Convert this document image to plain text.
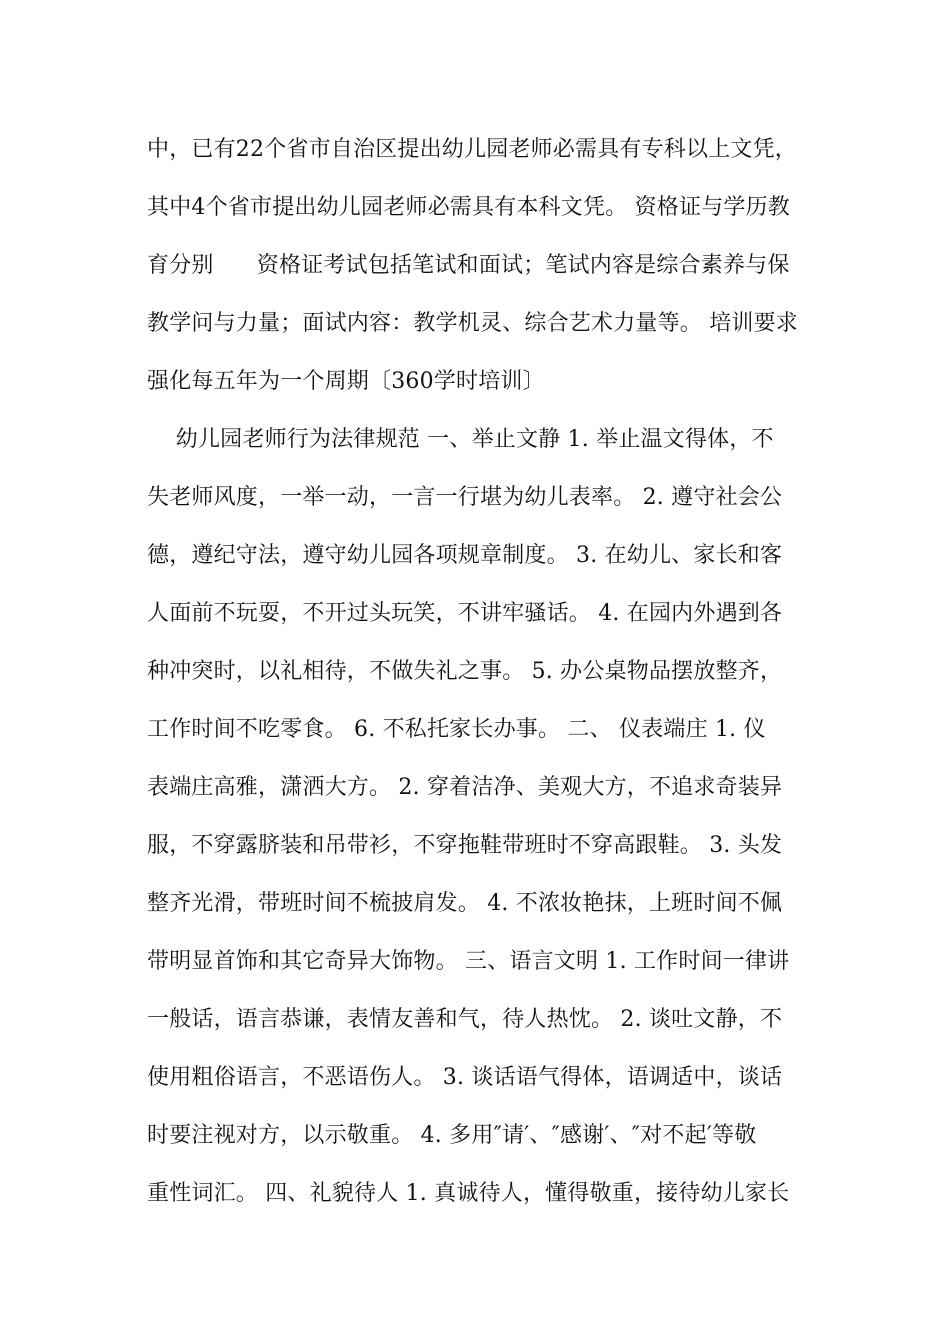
中，已有22个省市自治区提出幼儿园老师必需具有专科以上文凭，
其中4个省市提出幼儿园老师必需具有本科文凭。 资格证与学历教
育分别      资格证考试包括笔试和面试；笔试内容是综合素养与保
教学问与力量；面试内容：教学机灵、综合艺术力量等。 培训要求
强化每五年为一个周期〔360学时培训〕
幼儿园老师行为法律规范 一、举止文静 1. 举止温文得体，不
失老师风度，一举一动，一言一行堪为幼儿表率。 2. 遵守社会公
德，遵纪守法，遵守幼儿园各项规章制度。 3. 在幼儿、家长和客
人面前不玩耍，不开过头玩笑，不讲牢骚话。 4. 在园内外遇到各
种冲突时，以礼相待，不做失礼之事。 5. 办公桌物品摆放整齐，
工作时间不吃零食。 6. 不私托家长办事。 二、 仪表端庄 1. 仪
表端庄高雅，潇洒大方。 2. 穿着洁净、美观大方，不追求奇装异
服，不穿露脐装和吊带衫，不穿拖鞋带班时不穿高跟鞋。 3. 头发
整齐光滑，带班时间不梳披肩发。 4. 不浓妆艳抹，上班时间不佩
带明显首饰和其它奇异大饰物。 三、语言文明 1. 工作时间一律讲
一般话，语言恭谦，表情友善和气，待人热忱。 2. 谈吐文静，不
使用粗俗语言，不恶语伤人。 3. 谈话语气得体，语调适中，谈话
时要注视对方，以示敬重。 4. 多用″请′、″感谢′、″对不起′等敬
重性词汇。 四、礼貌待人 1. 真诚待人，懂得敬重，接待幼儿家长
